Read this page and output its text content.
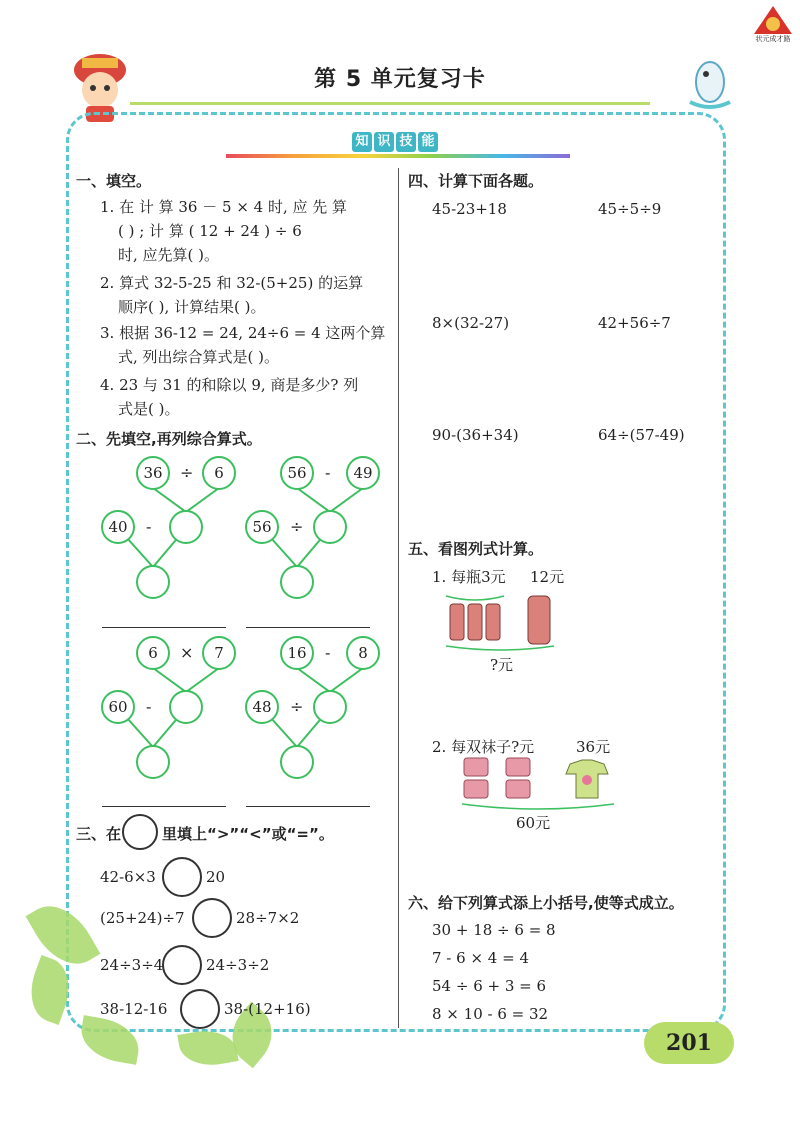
状元成才路
第 5 单元复习卡
知 识 技 能
一、填空。
1. 在 计 算 36 － 5 × 4 时, 应 先 算
( ) ; 计 算 ( 12 + 24 ) ÷ 6
时, 应先算( )。
2. 算式 32-5-25 和 32-(5+25) 的运算
顺序( ), 计算结果( )。
3. 根据 36-12 = 24, 24÷6 = 4 这两个算
式, 列出综合算式是( )。
4. 23 与 31 的和除以 9, 商是多少? 列
式是( )。
二、先填空,再列综合算式。
36	÷	6
40	-
56	-	49
56	÷
6	×	7
60	-
16	-	8
48	÷
三、在	里填上“>”“<”或“=”。
42-6×3	20
(25+24)÷7	28÷7×2
24÷3÷4	24÷3÷2
38-12-16	38-(12+16)
四、计算下面各题。
45-23+18	45÷5÷9
8×(32-27)	42+56÷7
90-(36+34)	64÷(57-49)
五、看图列式计算。
1. 每瓶3元 12元
?元
2. 每双袜子?元	36元
60元
六、给下列算式添上小括号,使等式成立。
30 + 18 ÷ 6 = 8
7 - 6 × 4 = 4
54 ÷ 6 + 3 = 6
8 × 10 - 6 = 32
201
